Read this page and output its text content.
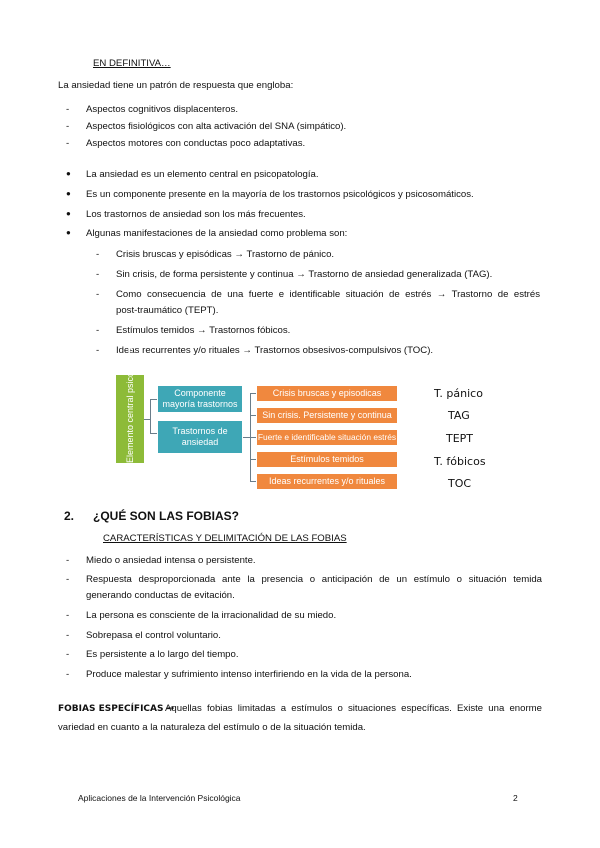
EN DEFINITIVA…
La ansiedad tiene un patrón de respuesta que engloba:
-	Aspectos cognitivos displacenteros.
-	Aspectos fisiológicos con alta activación del SNA (simpático).
-	Aspectos motores con conductas poco adaptativas.
●	La ansiedad es un elemento central en psicopatología.
●	Es un componente presente en la mayoría de los trastornos psicológicos y psicosomáticos.
●	Los trastornos de ansiedad son los más frecuentes.
●	Algunas manifestaciones de la ansiedad como problema son:
-	Crisis bruscas y episódicas → Trastorno de pánico.
-	Sin crisis, de forma persistente y continua → Trastorno de ansiedad generalizada (TAG).
-	Como consecuencia de una fuerte e identificable situación de estrés → Trastorno de estrés
post-traumático (TEPT).
-	Estímulos temidos → Trastornos fóbicos.
-	Ideas recurrentes y/o rituales → Trastornos obsesivos-compulsivos (TOC).
Elemento central psicopatología	Componente mayoría trastornos
Trastornos de ansiedad
Crisis bruscas y episodicas
Sin crisis. Persistente y continua
Fuerte e identificable situación estrés
Estímulos temidos
Ideas recurrentes y/o rituales
T. pánico
TAG
TEPT
T. fóbicos
TOC
2. ¿QUÉ SON LAS FOBIAS?
CARACTERÍSTICAS Y DELIMITACIÓN DE LAS FOBIAS
-	Miedo o ansiedad intensa o persistente.
-	Respuesta desproporcionada ante la presencia o anticipación de un estímulo o situación temida
generando conductas de evitación.
-	La persona es consciente de la irracionalidad de su miedo.
-	Sobrepasa el control voluntario.
-	Es persistente a lo largo del tiempo.
-	Produce malestar y sufrimiento intenso interfiriendo en la vida de la persona.
FOBIAS ESPECÍFICAS →
Aquellas fobias limitadas a estímulos o situaciones específicas. Existe una enorme
variedad en cuanto a la naturaleza del estímulo o de la situación temida.
Aplicaciones de la Intervención Psicológica	2
